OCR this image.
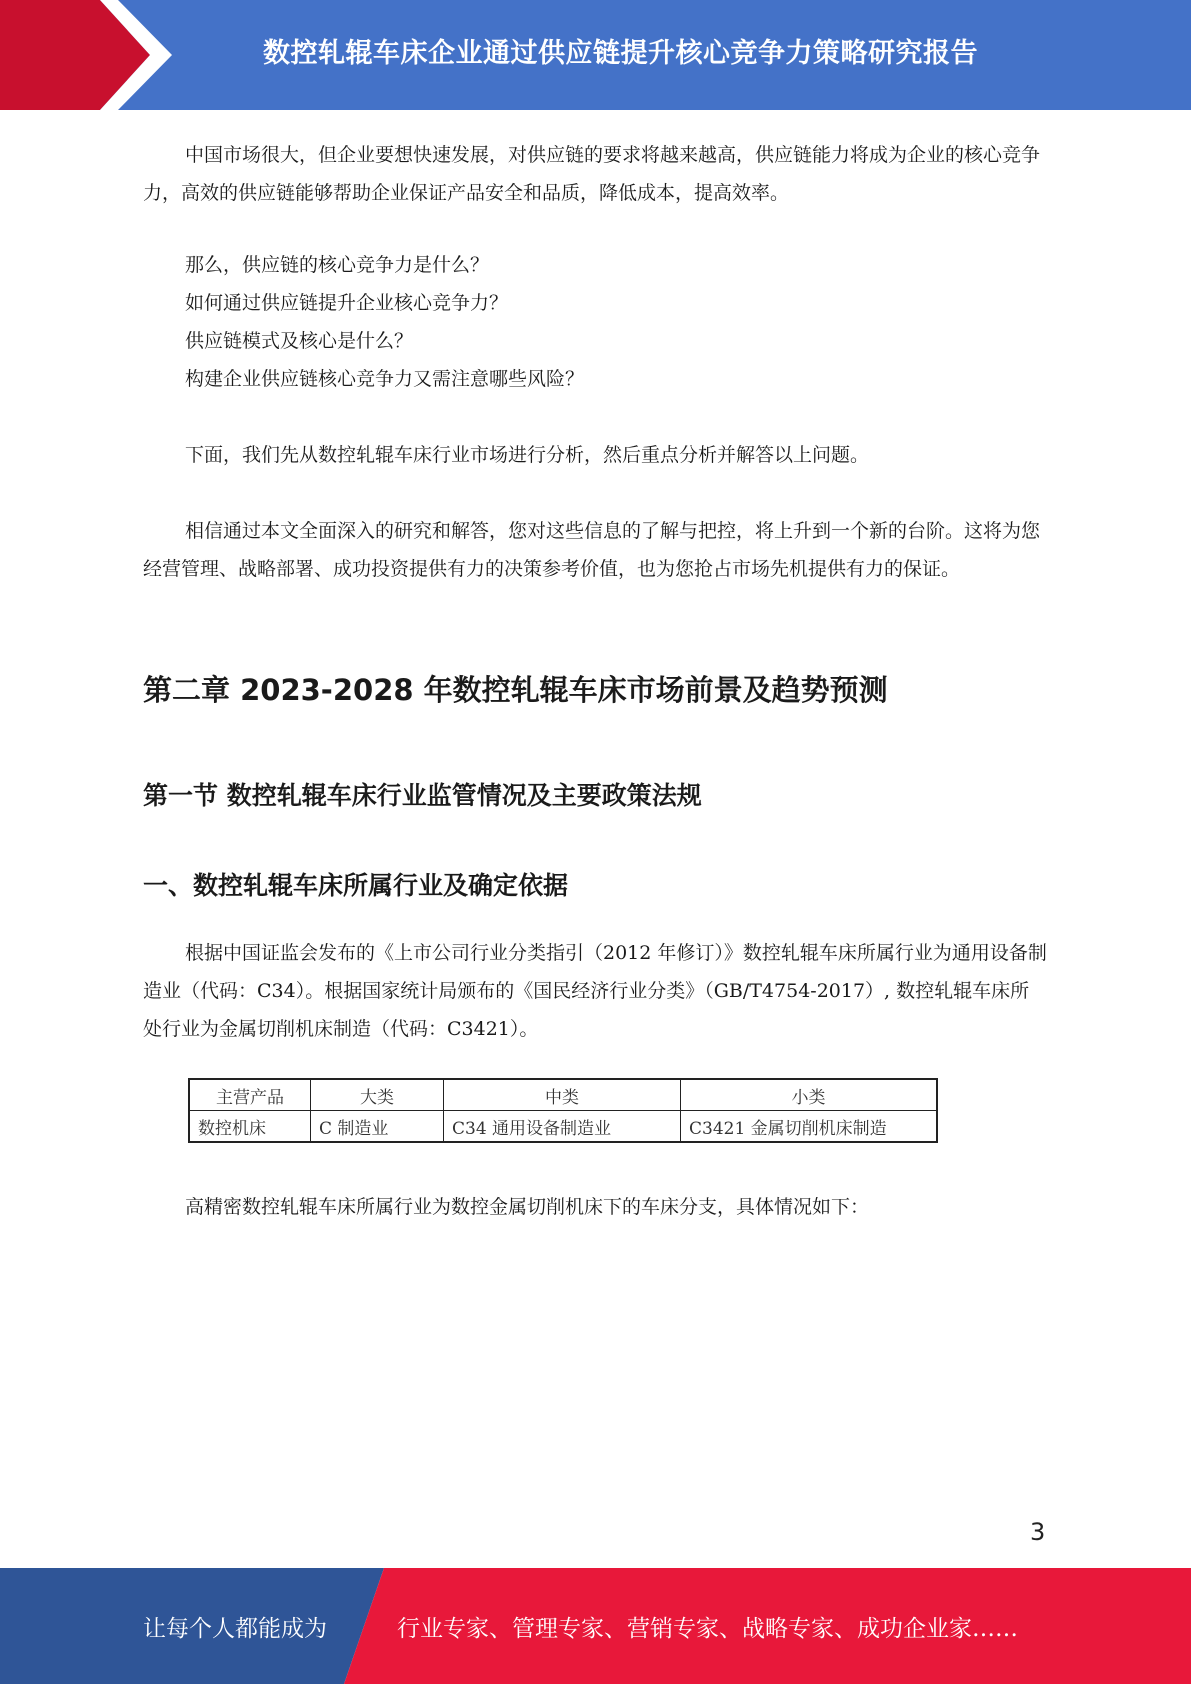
数控轧辊车床企业通过供应链提升核心竞争力策略研究报告

中国市场很大，但企业要想快速发展，对供应链的要求将越来越高，供应链能力将成为企业的核心竞争力，高效的供应链能够帮助企业保证产品安全和品质，降低成本，提高效率。

那么，供应链的核心竞争力是什么？
如何通过供应链提升企业核心竞争力？
供应链模式及核心是什么？
构建企业供应链核心竞争力又需注意哪些风险？

下面，我们先从数控轧辊车床行业市场进行分析，然后重点分析并解答以上问题。

相信通过本文全面深入的研究和解答，您对这些信息的了解与把控，将上升到一个新的台阶。这将为您经营管理、战略部署、成功投资提供有力的决策参考价值，也为您抢占市场先机提供有力的保证。

第二章 2023-2028 年数控轧辊车床市场前景及趋势预测
第一节 数控轧辊车床行业监管情况及主要政策法规
一、数控轧辊车床所属行业及确定依据

根据中国证监会发布的《上市公司行业分类指引（2012 年修订）》数控轧辊车床所属行业为通用设备制造业（代码：C34）。根据国家统计局颁布的《国民经济行业分类》（GB/T4754-2017）, 数控轧辊车床所处行业为金属切削机床制造（代码：C3421）。

主营产品	大类	中类	小类
数控机床	C 制造业	C34 通用设备制造业	C3421 金属切削机床制造

高精密数控轧辊车床所属行业为数控金属切削机床下的车床分支，具体情况如下：

3
让每个人都能成为	行业专家、管理专家、营销专家、战略专家、成功企业家……
